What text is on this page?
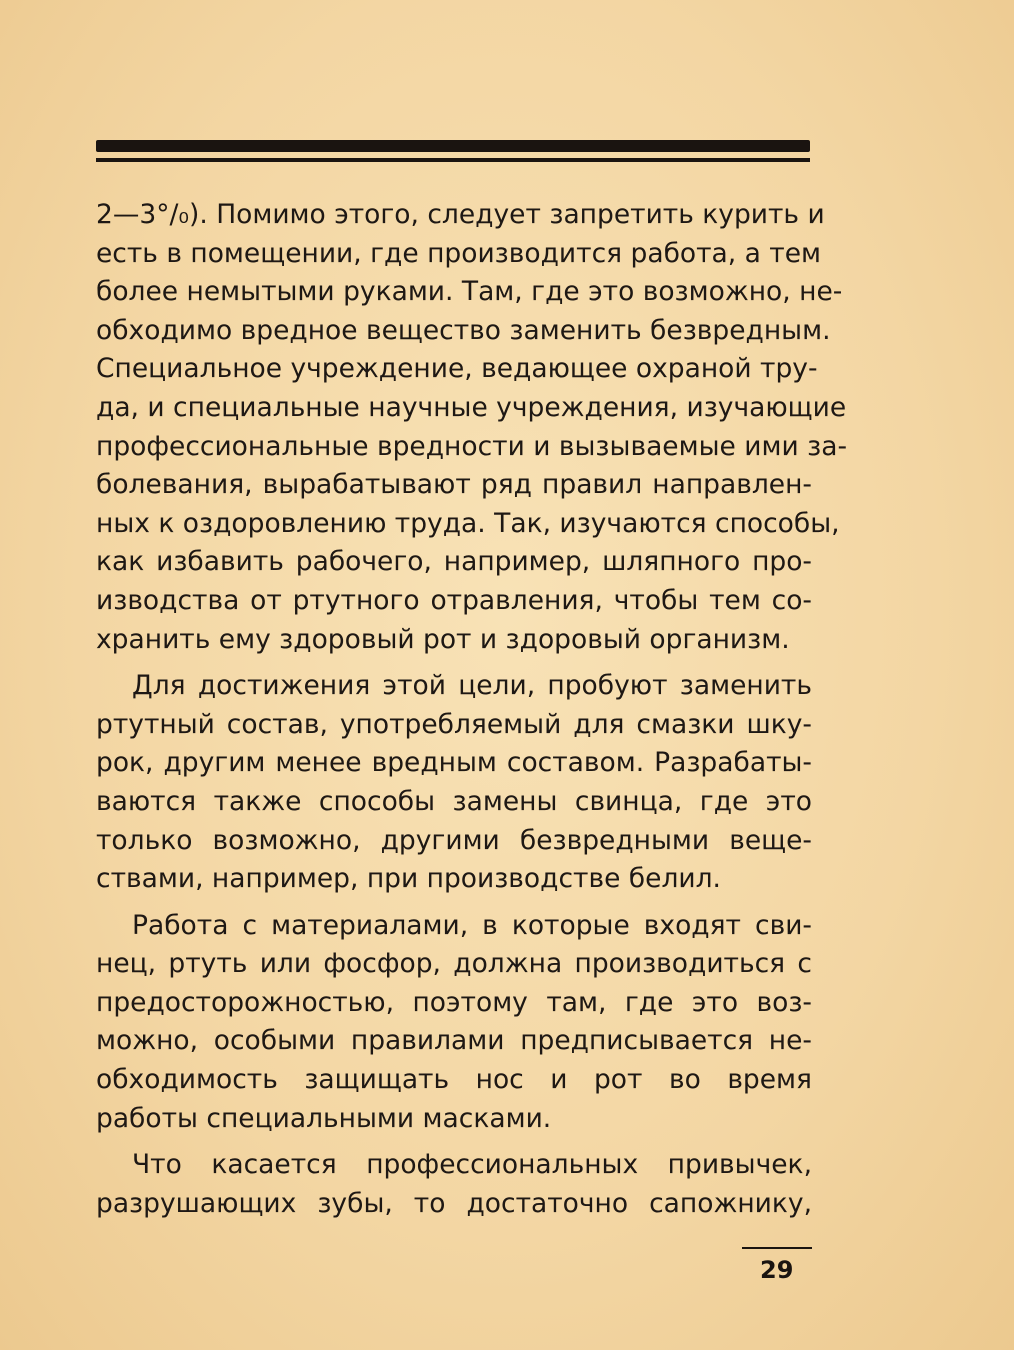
2—3°/₀). Помимо этого, следует запретить курить и
есть в помещении, где производится работа, а тем
более немытыми руками. Там, где это возможно, не-
обходимо вредное вещество заменить безвредным.
Специальное учреждение, ведающее охраной тру-
да, и специальные научные учреждения, изучающие
профессиональные вредности и вызываемые ими за-
болевания, вырабатывают ряд правил направлен-
ных к оздоровлению труда. Так, изучаются способы,
как избавить рабочего, например, шляпного про-
изводства от ртутного отравления, чтобы тем со-
хранить ему здоровый рот и здоровый организм.
Для достижения этой цели, пробуют заменить
ртутный состав, употребляемый для смазки шку-
рок, другим менее вредным составом. Разрабаты-
ваются также способы замены свинца, где это
только возможно, другими безвредными веще-
ствами, например, при производстве белил.
Работа с материалами, в которые входят сви-
нец, ртуть или фосфор, должна производиться с
предосторожностью, поэтому там, где это воз-
можно, особыми правилами предписывается не-
обходимость защищать нос и рот во время
работы специальными масками.
Что касается профессиональных привычек,
разрушающих зубы, то достаточно сапожнику,
29
